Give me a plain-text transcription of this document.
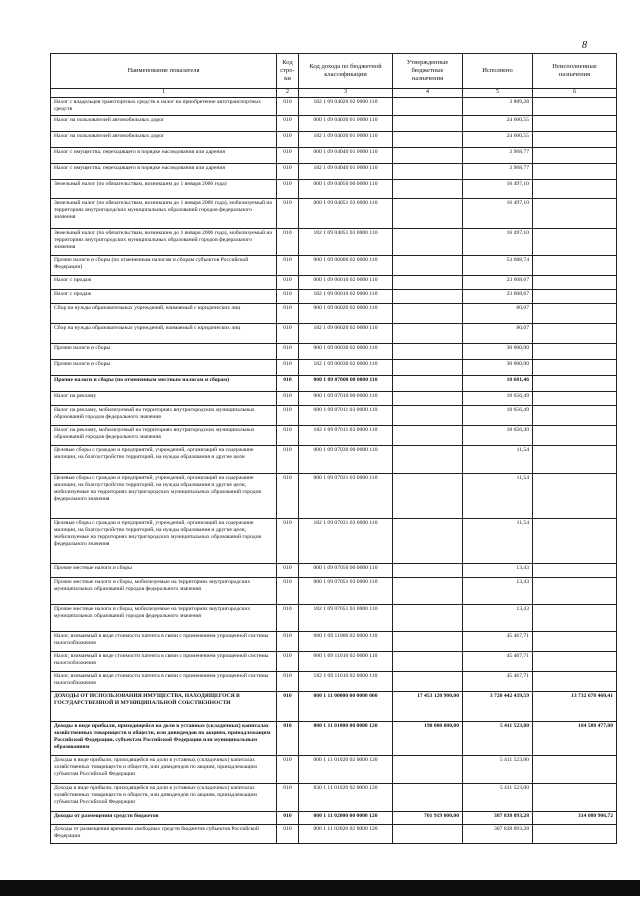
8
Наименование показателя	Код стро-ки	Код дохода по бюджетной классификации	Утвержденные бюджетные назначения	Исполнено	Неисполненные назначения
1	2	3	4	5	6
Налог с владельцев транспортных средств и налог на приобретение автотранспортных средств	010	182 1 09 04020 02 0000 110		3 889,28	
Налог на пользователей автомобильных дорог	010	000 1 09 04030 01 0000 110		24 600,55	
Налог на пользователей автомобильных дорог	010	182 1 09 04030 01 0000 110		24 600,55	
Налог с имущества, переходящего в порядке наследования или дарения	010	000 1 09 04040 01 0000 110		3 968,77	
Налог с имущества, переходящего в порядке наследования или дарения	010	182 1 09 04040 01 0000 110		3 968,77	
Земельный налог (по обязательствам, возникшим до 1 января 2006 года)	010	000 1 09 04050 00 0000 110		16 497,10	
Земельный налог (по обязательствам, возникшим до 1 января 2006 года), мобилизуемый на территориях внутригородских муниципальных образований городов федерального значения	010	000 1 09 04051 03 0000 110		16 497,10	
Земельный налог (по обязательствам, возникшим до 1 января 2006 года), мобилизуемый на территориях внутригородских муниципальных образований городов федерального значения	010	182 1 09 04051 03 0000 110		16 497,10	
Прочие налоги и сборы (по отмененным налогам и сборам субъектов Российской Федерации)	010	000 1 09 06000 02 0000 110		53 688,74	
Налог с продаж	010	000 1 09 06010 02 0000 110		23 608,67	
Налог с продаж	010	182 1 09 06010 02 0000 110		23 608,67	
Сбор на нужды образовательных учреждений, взимаемый с юридических лиц	010	000 1 09 06020 02 0000 110		80,07	
Сбор на нужды образовательных учреждений, взимаемый с юридических лиц	010	182 1 09 06020 02 0000 110		80,07	
Прочие налоги и сборы	010	000 1 09 06030 02 0000 110		30 000,00	
Прочие налоги и сборы	010	182 1 09 06030 02 0000 110		30 000,00	
Прочие налоги и сборы (по отмененным местным налогам и сборам)	010	000 1 09 07000 00 0000 110		18 681,46	
Налог на рекламу	010	000 1 09 07010 00 0000 110		18 656,49	
Налог на рекламу, мобилизуемый на территориях внутригородских муниципальных образований городов федерального значения	010	000 1 09 07011 03 0000 110		18 656,49	
Налог на рекламу, мобилизуемый на территориях внутригородских муниципальных образований городов федерального значения	010	182 1 09 07011 03 0000 110		18 656,49	
Целевые сборы с граждан и предприятий, учреждений, организаций на содержание милиции, на благоустройство территорий, на нужды образования и другие цели	010	000 1 09 07030 00 0000 110		11,54	
Целевые сборы с граждан и предприятий, учреждений, организаций на содержание милиции, на благоустройство территорий, на нужды образования и другие цели, мобилизуемые на территориях внутригородских муниципальных образований городов федерального значения	010	000 1 09 07031 03 0000 110		11,54	
Целевые сборы с граждан и предприятий, учреждений, организаций на содержание милиции, на благоустройство территорий, на нужды образования и другие цели, мобилизуемые на территориях внутригородских муниципальных образований городов федерального значения	010	182 1 09 07031 03 0000 110		11,54	
Прочие местные налоги и сборы	010	000 1 09 07050 00 0000 110		13,43	
Прочие местные налоги и сборы, мобилизуемые на территориях внутригородских муниципальных образований городов федерального значения	010	000 1 09 07051 03 0000 110		13,43	
Прочие местные налоги и сборы, мобилизуемые на территориях внутригородских муниципальных образований городов федерального значения	010	182 1 09 07051 03 0000 110		13,43	
Налог, взимаемый в виде стоимости патента в связи с применением упрощенной системы налогообложения	010	000 1 09 11000 02 0000 110		45 467,71	
Налог, взимаемый в виде стоимости патента в связи с применением упрощенной системы налогообложения	010	000 1 09 11010 02 0000 110		45 467,71	
Налог, взимаемый в виде стоимости патента в связи с применением упрощенной системы налогообложения	010	182 1 09 11010 02 0000 110		45 467,71	
ДОХОДЫ ОТ ИСПОЛЬЗОВАНИЯ ИМУЩЕСТВА, НАХОДЯЩЕГОСЯ В ГОСУДАРСТВЕННОЙ И МУНИЦИПАЛЬНОЙ СОБСТВЕННОСТИ	010	000 1 11 00000 00 0000 000	17 453 120 900,00	3 720 442 439,59	13 732 678 460,41
Доходы в виде прибыли, приходящейся на доли в уставных (складочных) капиталах хозяйственных товариществ и обществ, или дивидендов по акциям, принадлежащим Российской Федерации, субъектам Российской Федерации или муниципальным образованиям	010	000 1 11 01000 00 0000 120	190 000 000,00	5 411 523,00	184 588 477,00
Доходы в виде прибыли, приходящейся на доли в уставных (складочных) капиталах хозяйственных товариществ и обществ, или дивидендов по акциям, принадлежащим субъектам Российской Федерации	010	000 1 11 01020 02 0000 120		5 411 523,00	
Доходы в виде прибыли, приходящейся на доли в уставных (складочных) капиталах хозяйственных товариществ и обществ, или дивидендов по акциям, принадлежащим субъектам Российской Федерации	010	830 1 11 01020 02 0000 120		5 411 523,00	
Доходы от размещения средств бюджетов	010	000 1 11 02000 00 0000 120	701 919 000,00	387 838 093,28	314 080 906,72
Доходы от размещения временно свободных средств бюджетов субъектов Российской Федерации	010	000 1 11 02020 02 0000 120		387 838 093,28	
